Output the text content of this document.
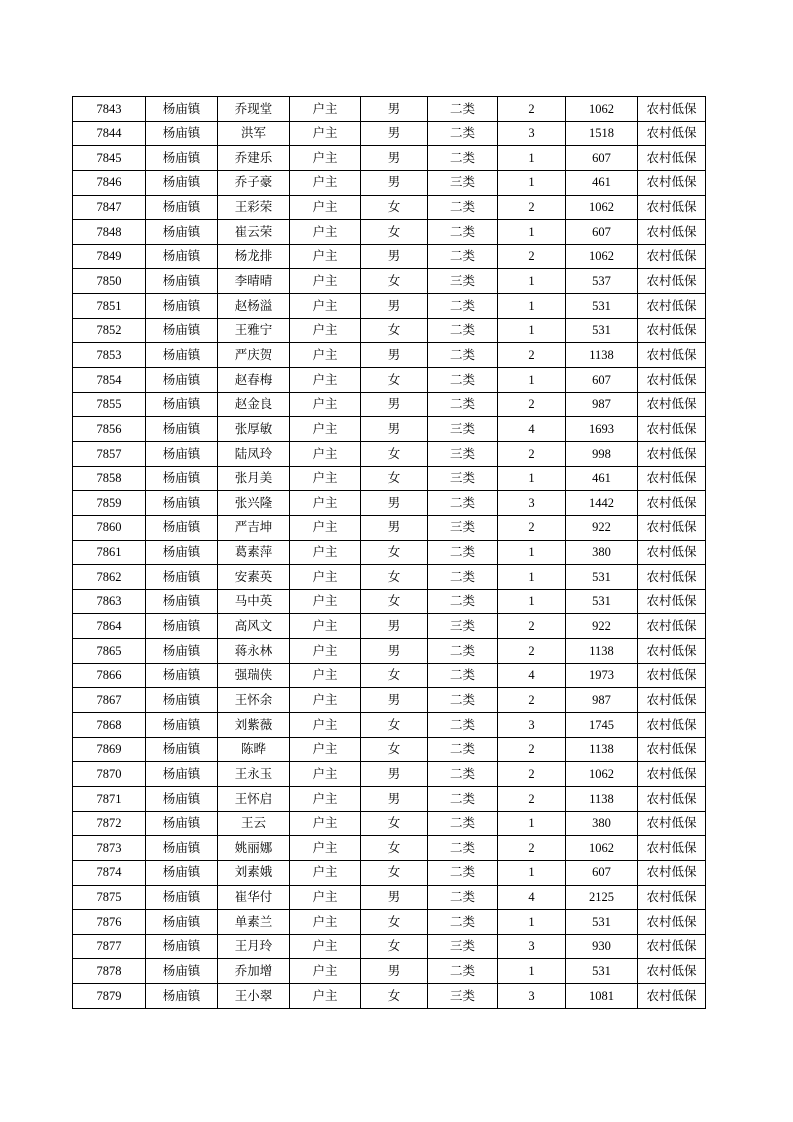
7843	杨庙镇	乔现堂	户主	男	二类	2	1062	农村低保
7844	杨庙镇	洪军	户主	男	二类	3	1518	农村低保
7845	杨庙镇	乔建乐	户主	男	二类	1	607	农村低保
7846	杨庙镇	乔子豪	户主	男	三类	1	461	农村低保
7847	杨庙镇	王彩荣	户主	女	二类	2	1062	农村低保
7848	杨庙镇	崔云荣	户主	女	二类	1	607	农村低保
7849	杨庙镇	杨龙排	户主	男	二类	2	1062	农村低保
7850	杨庙镇	李晴晴	户主	女	三类	1	537	农村低保
7851	杨庙镇	赵杨溢	户主	男	二类	1	531	农村低保
7852	杨庙镇	王雅宁	户主	女	二类	1	531	农村低保
7853	杨庙镇	严庆贺	户主	男	二类	2	1138	农村低保
7854	杨庙镇	赵春梅	户主	女	二类	1	607	农村低保
7855	杨庙镇	赵金良	户主	男	二类	2	987	农村低保
7856	杨庙镇	张厚敏	户主	男	三类	4	1693	农村低保
7857	杨庙镇	陆凤玲	户主	女	三类	2	998	农村低保
7858	杨庙镇	张月美	户主	女	三类	1	461	农村低保
7859	杨庙镇	张兴隆	户主	男	二类	3	1442	农村低保
7860	杨庙镇	严吉坤	户主	男	三类	2	922	农村低保
7861	杨庙镇	葛素萍	户主	女	二类	1	380	农村低保
7862	杨庙镇	安素英	户主	女	二类	1	531	农村低保
7863	杨庙镇	马中英	户主	女	二类	1	531	农村低保
7864	杨庙镇	高风文	户主	男	三类	2	922	农村低保
7865	杨庙镇	蒋永林	户主	男	二类	2	1138	农村低保
7866	杨庙镇	强瑞侠	户主	女	二类	4	1973	农村低保
7867	杨庙镇	王怀余	户主	男	二类	2	987	农村低保
7868	杨庙镇	刘紫薇	户主	女	二类	3	1745	农村低保
7869	杨庙镇	陈晔	户主	女	二类	2	1138	农村低保
7870	杨庙镇	王永玉	户主	男	二类	2	1062	农村低保
7871	杨庙镇	王怀启	户主	男	二类	2	1138	农村低保
7872	杨庙镇	王云	户主	女	二类	1	380	农村低保
7873	杨庙镇	姚丽娜	户主	女	二类	2	1062	农村低保
7874	杨庙镇	刘素娥	户主	女	二类	1	607	农村低保
7875	杨庙镇	崔华付	户主	男	二类	4	2125	农村低保
7876	杨庙镇	单素兰	户主	女	二类	1	531	农村低保
7877	杨庙镇	王月玲	户主	女	三类	3	930	农村低保
7878	杨庙镇	乔加增	户主	男	二类	1	531	农村低保
7879	杨庙镇	王小翠	户主	女	三类	3	1081	农村低保
